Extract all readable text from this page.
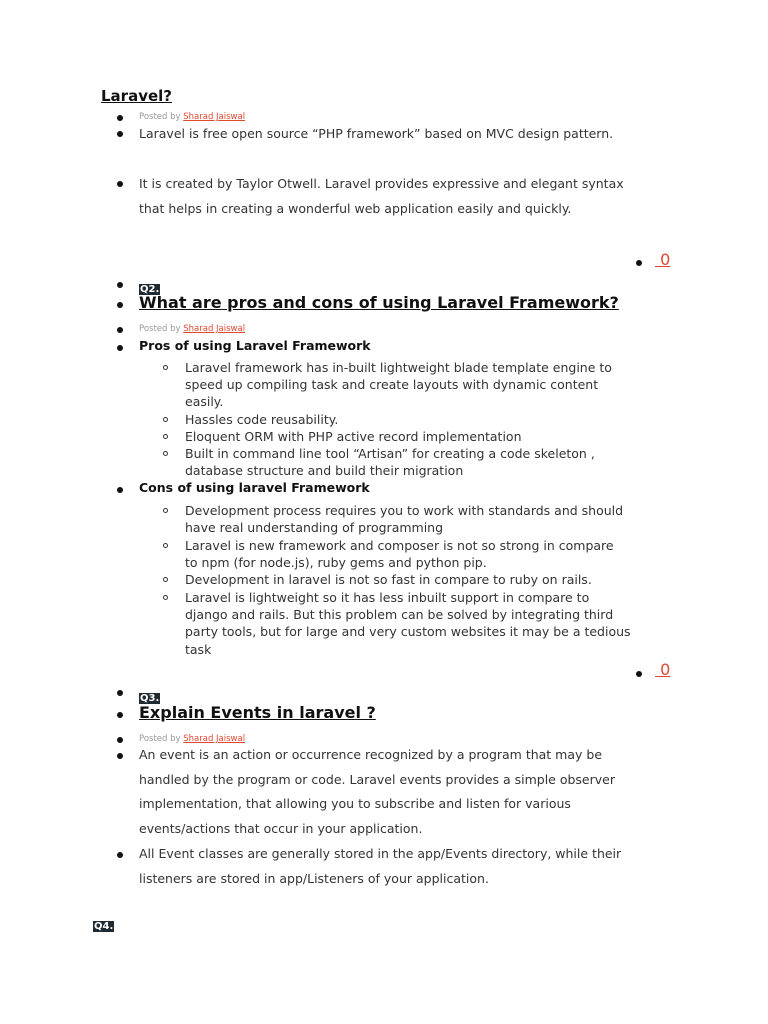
Laravel?
Posted by Sharad Jaiswal
Laravel is free open source “PHP framework” based on MVC design pattern.
It is created by Taylor Otwell. Laravel provides expressive and elegant syntax that helps in creating a wonderful web application easily and quickly.
0
Q2.
What are pros and cons of using Laravel Framework?
Posted by Sharad Jaiswal
Pros of using Laravel Framework
Laravel framework has in-built lightweight blade template engine to speed up compiling task and create layouts with dynamic content easily.
Hassles code reusability.
Eloquent ORM with PHP active record implementation
Built in command line tool “Artisan” for creating a code skeleton , database structure and build their migration
Cons of using laravel Framework
Development process requires you to work with standards and should have real understanding of programming
Laravel is new framework and composer is not so strong in compare to npm (for node.js), ruby gems and python pip.
Development in laravel is not so fast in compare to ruby on rails.
Laravel is lightweight so it has less inbuilt support in compare to django and rails. But this problem can be solved by integrating third party tools, but for large and very custom websites it may be a tedious task
0
Q3.
Explain Events in laravel ?
Posted by Sharad Jaiswal
An event is an action or occurrence recognized by a program that may be handled by the program or code. Laravel events provides a simple observer implementation, that allowing you to subscribe and listen for various events/actions that occur in your application.
All Event classes are generally stored in the app/Events directory, while their listeners are stored in app/Listeners of your application.
Q4.
